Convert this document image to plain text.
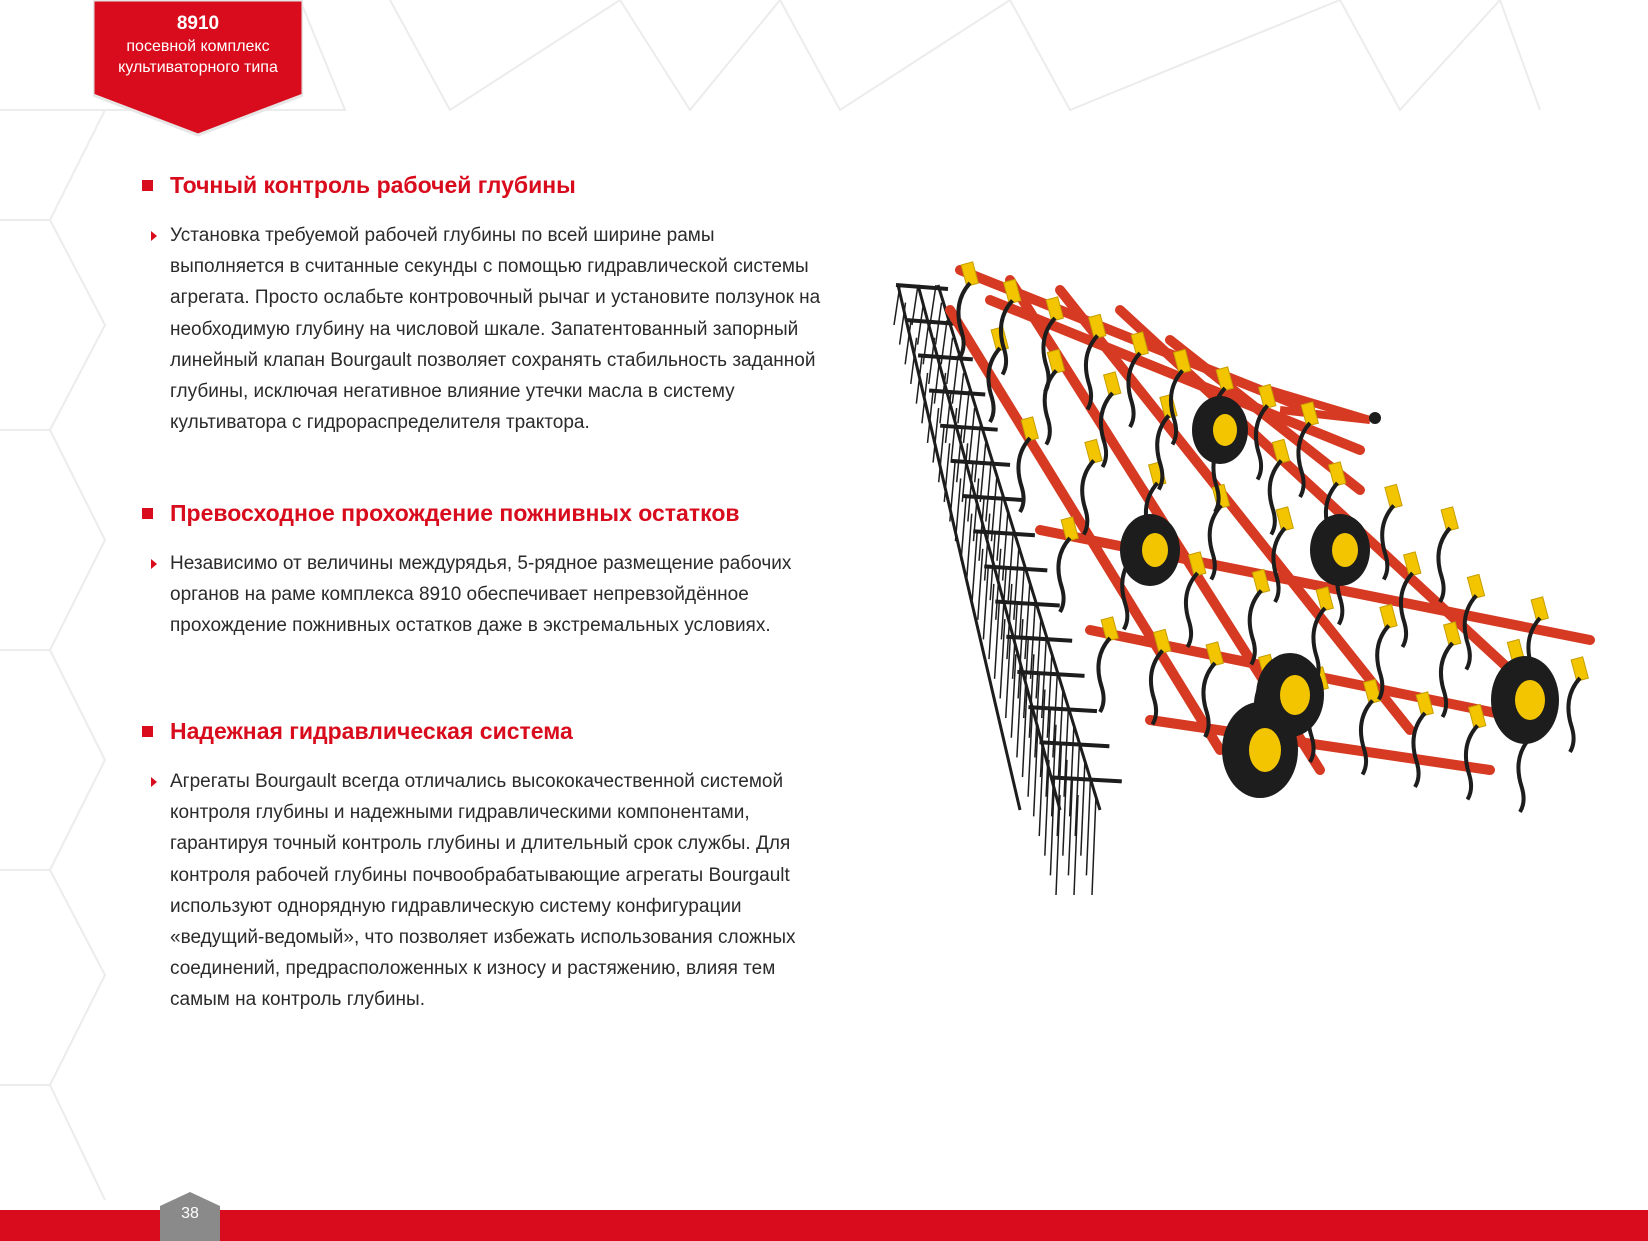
8910
посевной комплекс
культиваторного типа
Точный контроль рабочей глубины
Установка требуемой рабочей глубины по всей ширине рамы
выполняется в считанные секунды с помощью гидравлической системы
агрегата. Просто ослабьте контровочный рычаг и установите ползунок на
необходимую глубину на числовой шкале. Запатентованный запорный
линейный клапан Bourgault позволяет сохранять стабильность заданной
глубины, исключая негативное влияние утечки масла в систему
культиватора с гидрораспределителя трактора.
Превосходное прохождение пожнивных остатков
Независимо от величины междурядья, 5-рядное размещение рабочих
органов на раме комплекса 8910 обеспечивает непревзойдённое
прохождение пожнивных остатков даже в экстремальных условиях.
Надежная гидравлическая система
Агрегаты Bourgault всегда отличались высококачественной системой
контроля глубины и надежными гидравлическими компонентами,
гарантируя точный контроль глубины и длительный срок службы. Для
контроля рабочей глубины почвообрабатывающие агрегаты Bourgault
используют однорядную гидравлическую систему конфигурации
«ведущий-ведомый», что позволяет избежать использования сложных
соединений, предрасположенных к износу и растяжению, влияя тем
самым на контроль глубины.
38
